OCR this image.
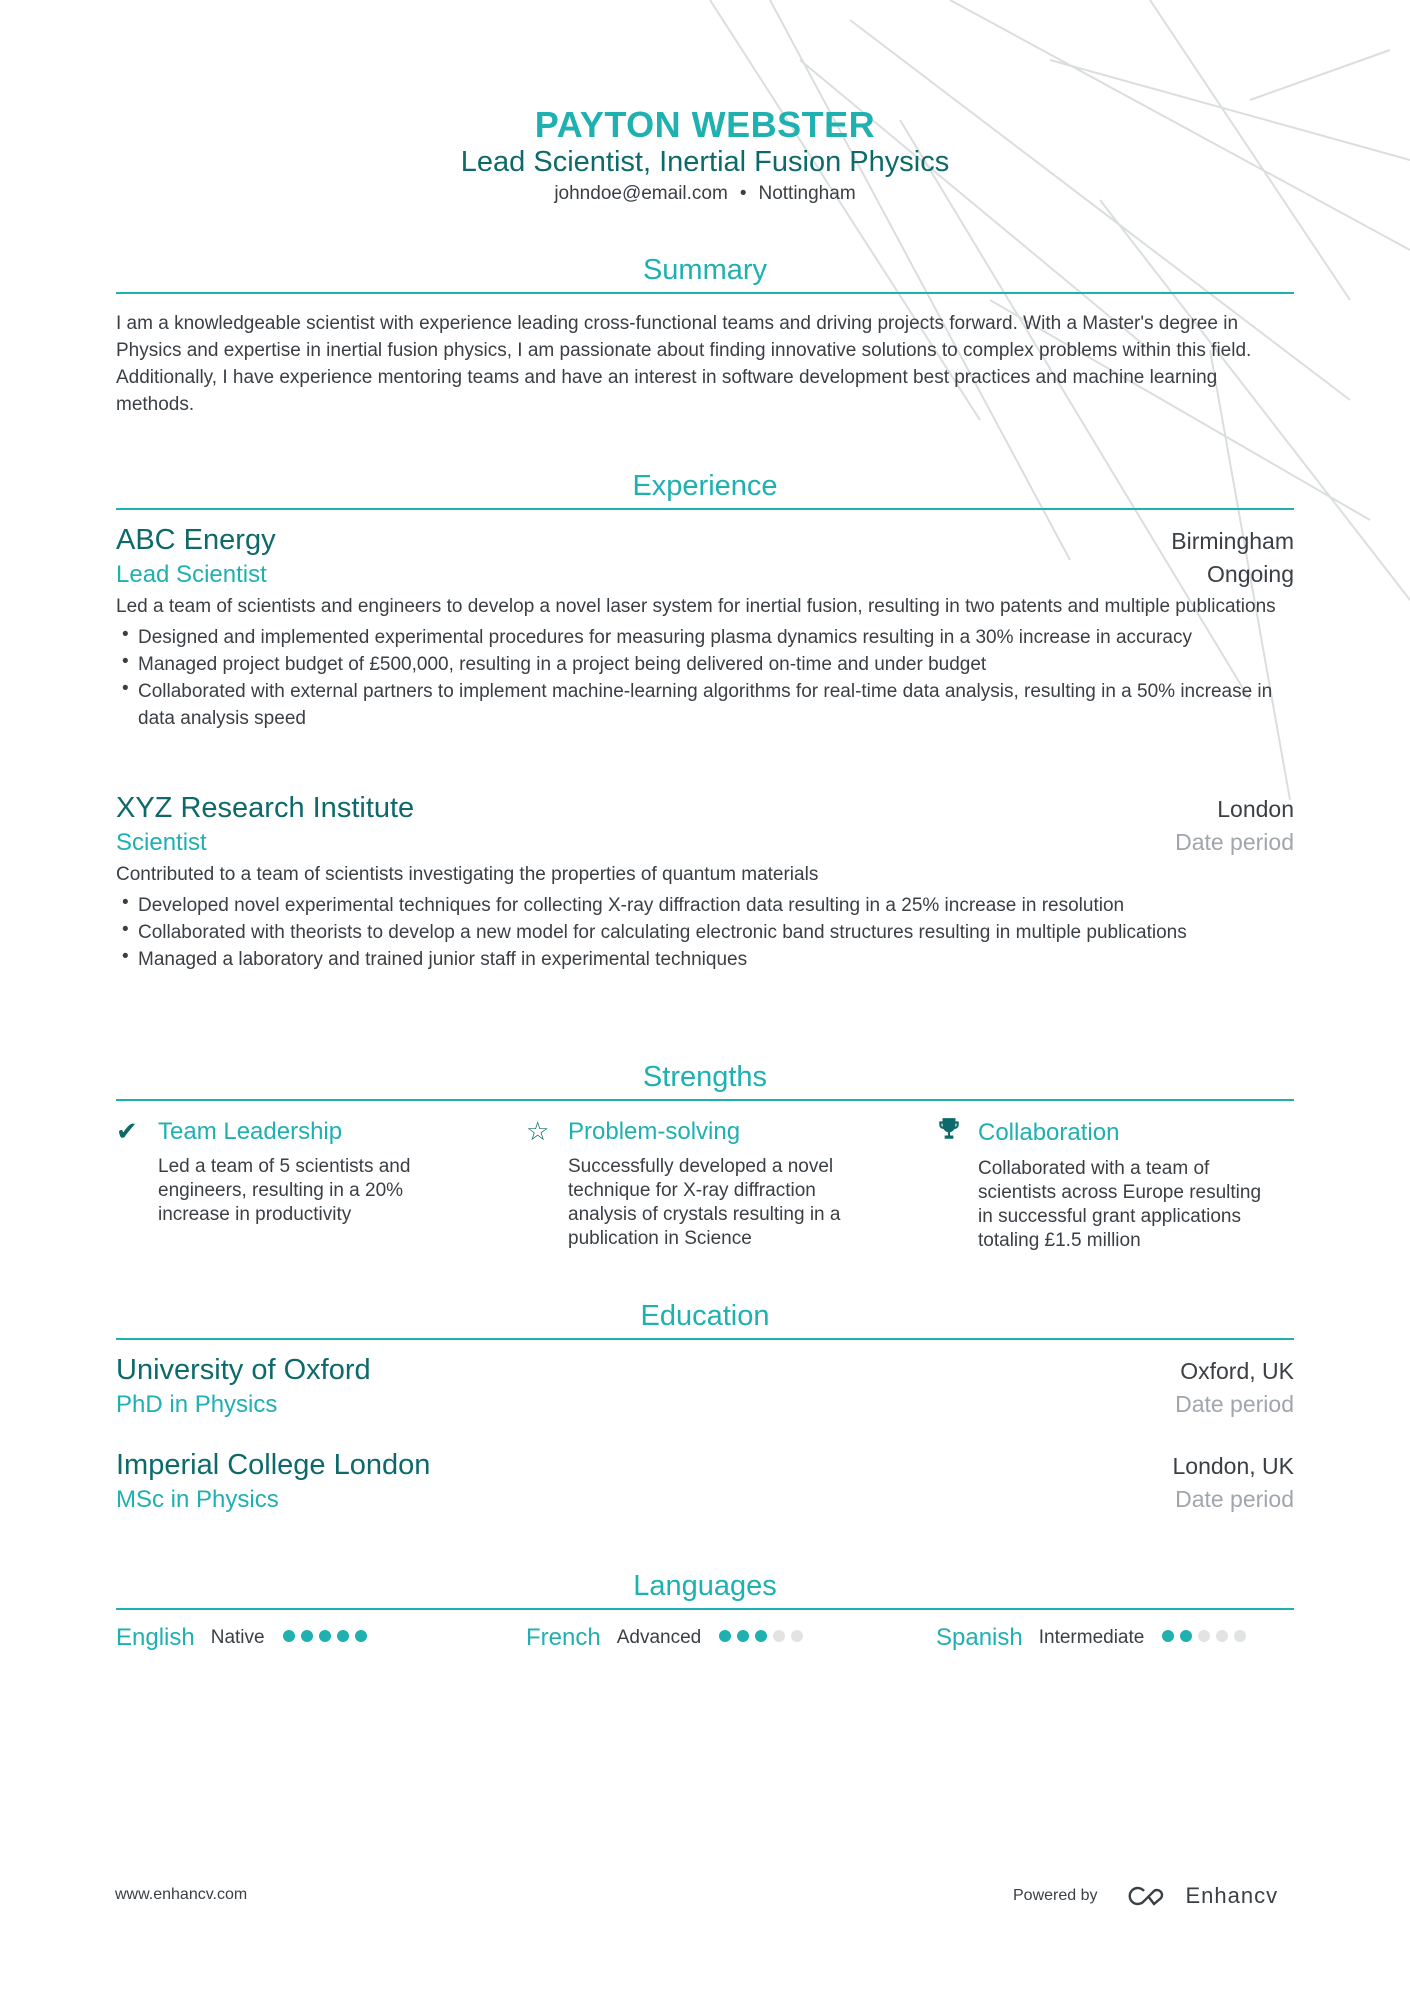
PAYTON WEBSTER
Lead Scientist, Inertial Fusion Physics
johndoe@email.com • Nottingham
Summary
I am a knowledgeable scientist with experience leading cross-functional teams and driving projects forward. With a Master's degree in Physics and expertise in inertial fusion physics, I am passionate about finding innovative solutions to complex problems within this field. Additionally, I have experience mentoring teams and have an interest in software development best practices and machine learning methods.
Experience
ABC Energy	Birmingham
Lead Scientist	Ongoing
Led a team of scientists and engineers to develop a novel laser system for inertial fusion, resulting in two patents and multiple publications
• Designed and implemented experimental procedures for measuring plasma dynamics resulting in a 30% increase in accuracy
• Managed project budget of £500,000, resulting in a project being delivered on-time and under budget
• Collaborated with external partners to implement machine-learning algorithms for real-time data analysis, resulting in a 50% increase in data analysis speed
XYZ Research Institute	London
Scientist	Date period
Contributed to a team of scientists investigating the properties of quantum materials
• Developed novel experimental techniques for collecting X-ray diffraction data resulting in a 25% increase in resolution
• Collaborated with theorists to develop a new model for calculating electronic band structures resulting in multiple publications
• Managed a laboratory and trained junior staff in experimental techniques
Strengths
✔ Team Leadership

Led a team of 5 scientists and engineers, resulting in a 20% increase in productivity

☆ Problem-solving

Successfully developed a novel technique for X-ray diffraction analysis of crystals resulting in a publication in Science

Collaboration

Collaborated with a team of scientists across Europe resulting in successful grant applications totaling £1.5 million

Education
University of Oxford	Oxford, UK
PhD in Physics	Date period
Imperial College London	London, UK
MSc in Physics	Date period
Languages
English Native	French Advanced	Spanish Intermediate
www.enhancv.com	Powered by	Enhancv
